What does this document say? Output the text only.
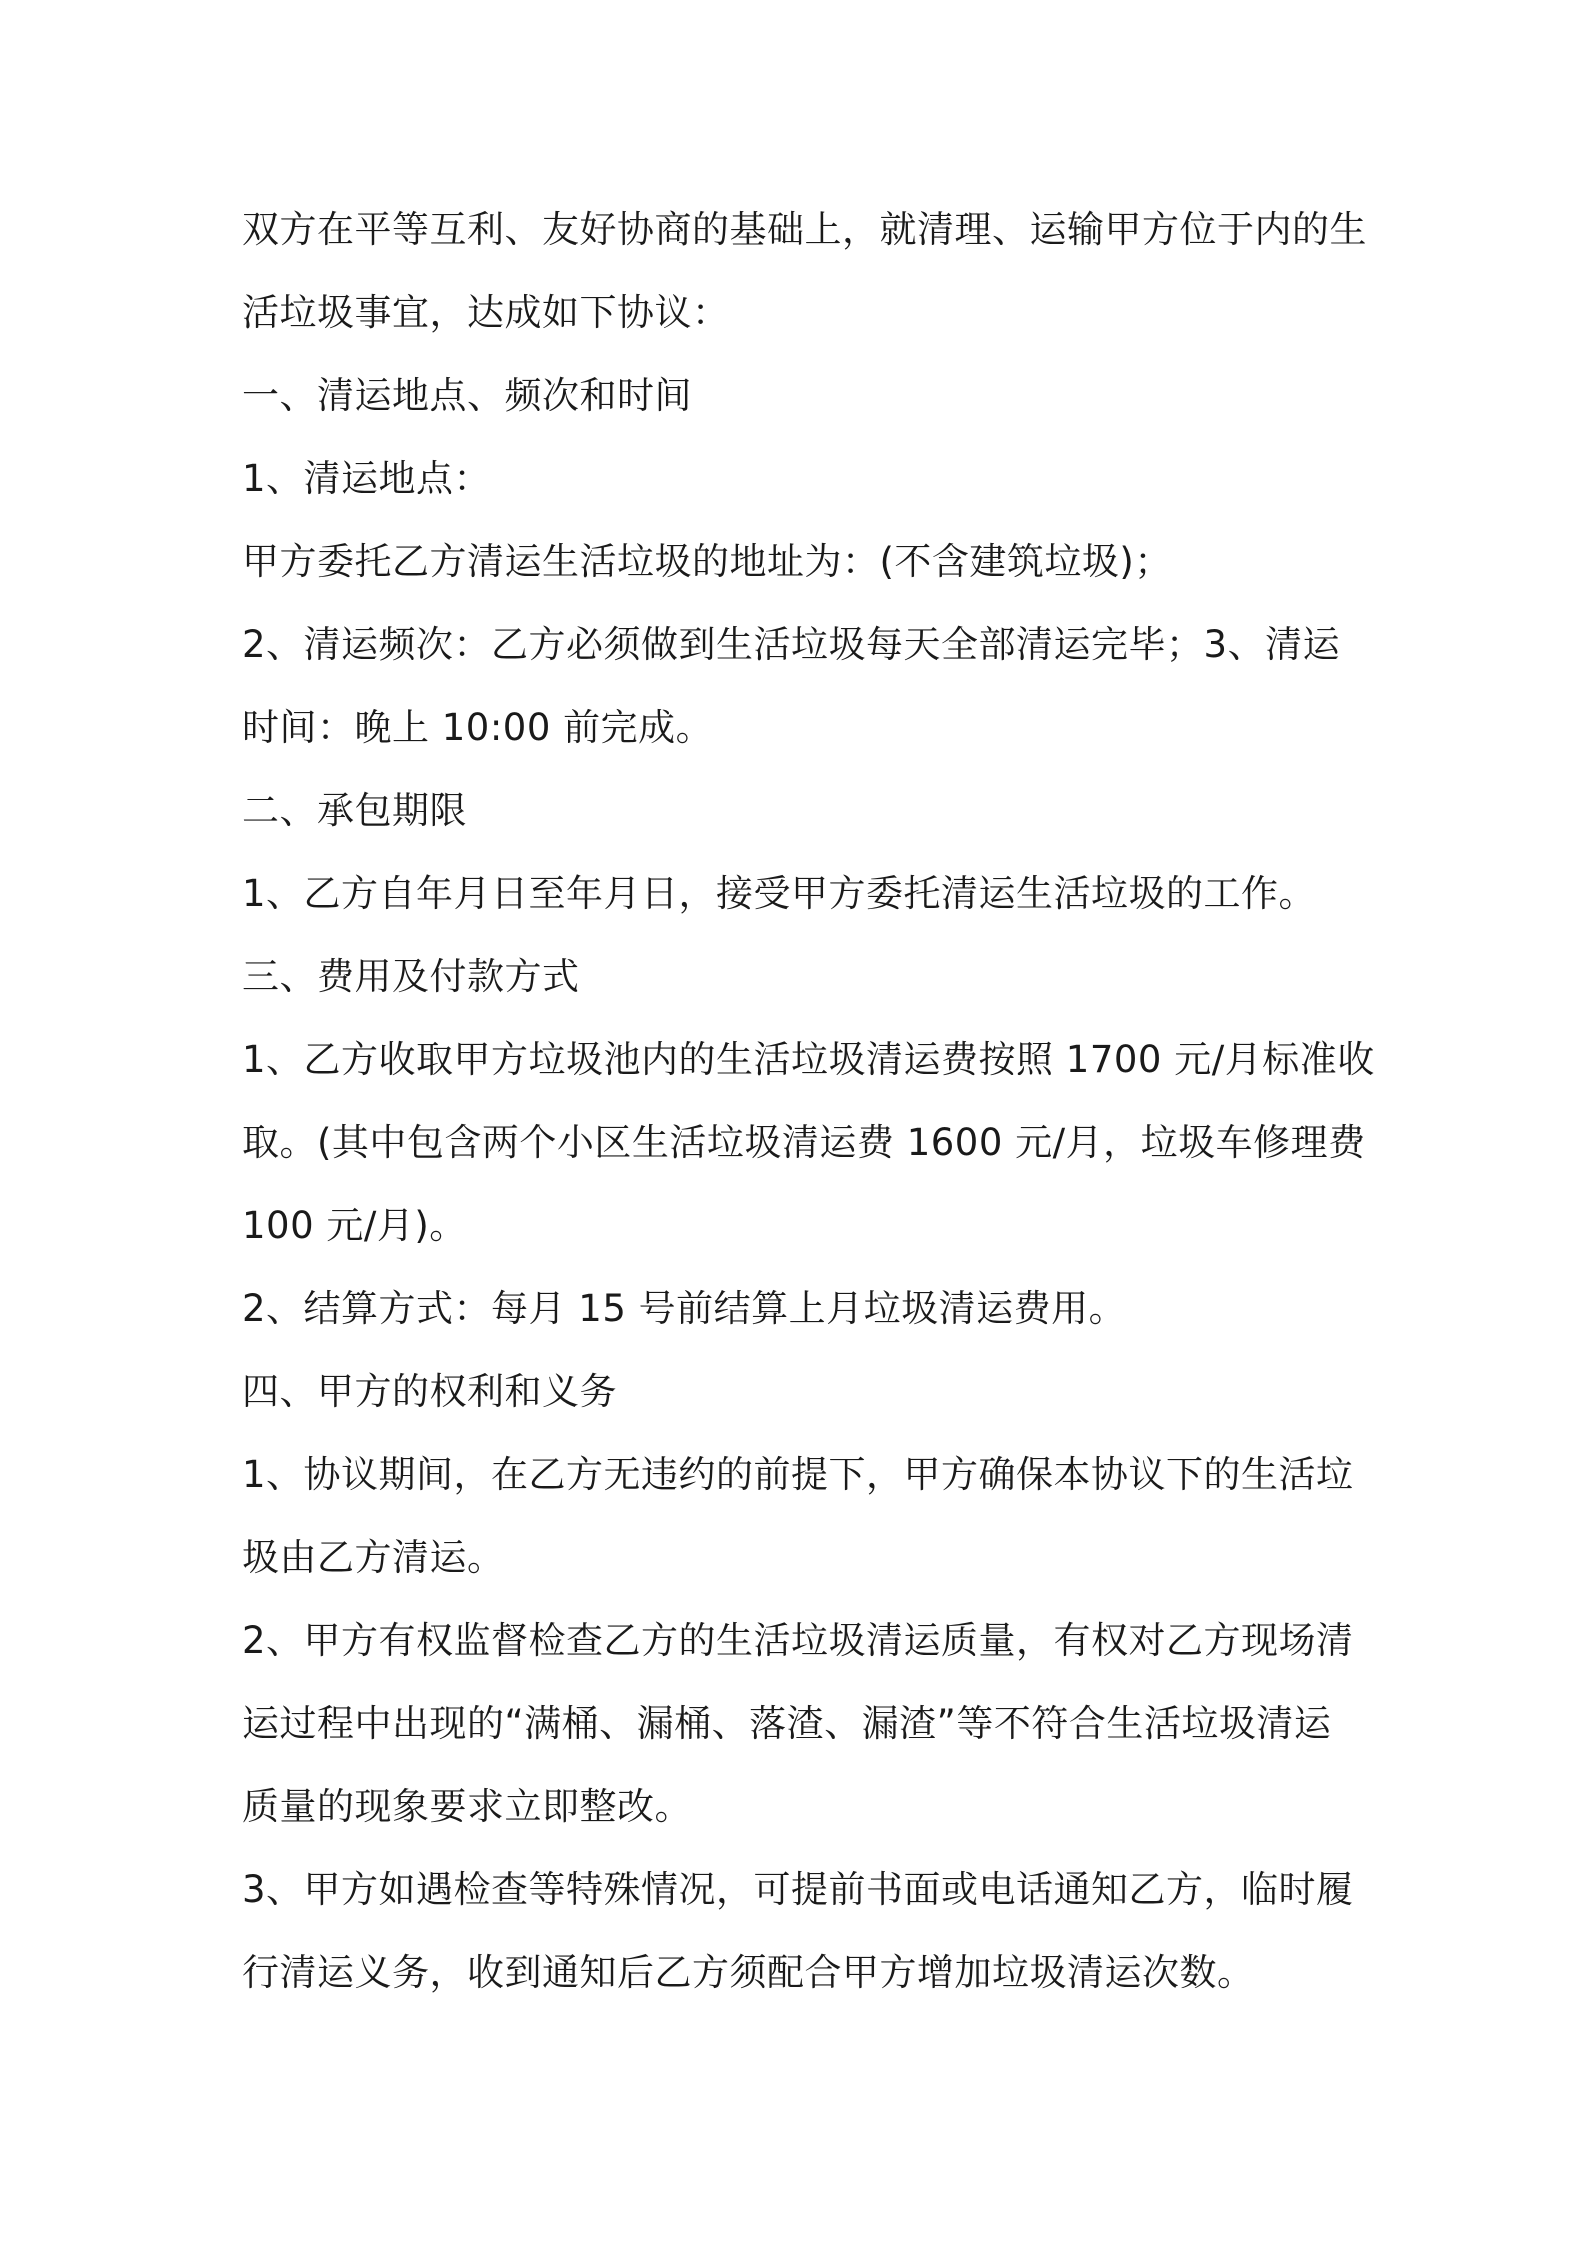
双方在平等互利、友好协商的基础上，就清理、运输甲方位于内的生
活垃圾事宜，达成如下协议：
一、清运地点、频次和时间
1、清运地点：
甲方委托乙方清运生活垃圾的地址为：(不含建筑垃圾)；
2、清运频次：乙方必须做到生活垃圾每天全部清运完毕；3、清运
时间：晚上 10:00 前完成。
二、承包期限
1、乙方自年月日至年月日，接受甲方委托清运生活垃圾的工作。
三、费用及付款方式
1、乙方收取甲方垃圾池内的生活垃圾清运费按照 1700 元/月标准收
取。(其中包含两个小区生活垃圾清运费 1600 元/月，垃圾车修理费
100 元/月)。
2、结算方式：每月 15 号前结算上月垃圾清运费用。
四、甲方的权利和义务
1、协议期间，在乙方无违约的前提下，甲方确保本协议下的生活垃
圾由乙方清运。
2、甲方有权监督检查乙方的生活垃圾清运质量，有权对乙方现场清
运过程中出现的“满桶、漏桶、落渣、漏渣”等不符合生活垃圾清运
质量的现象要求立即整改。
3、甲方如遇检查等特殊情况，可提前书面或电话通知乙方，临时履
行清运义务，收到通知后乙方须配合甲方增加垃圾清运次数。
